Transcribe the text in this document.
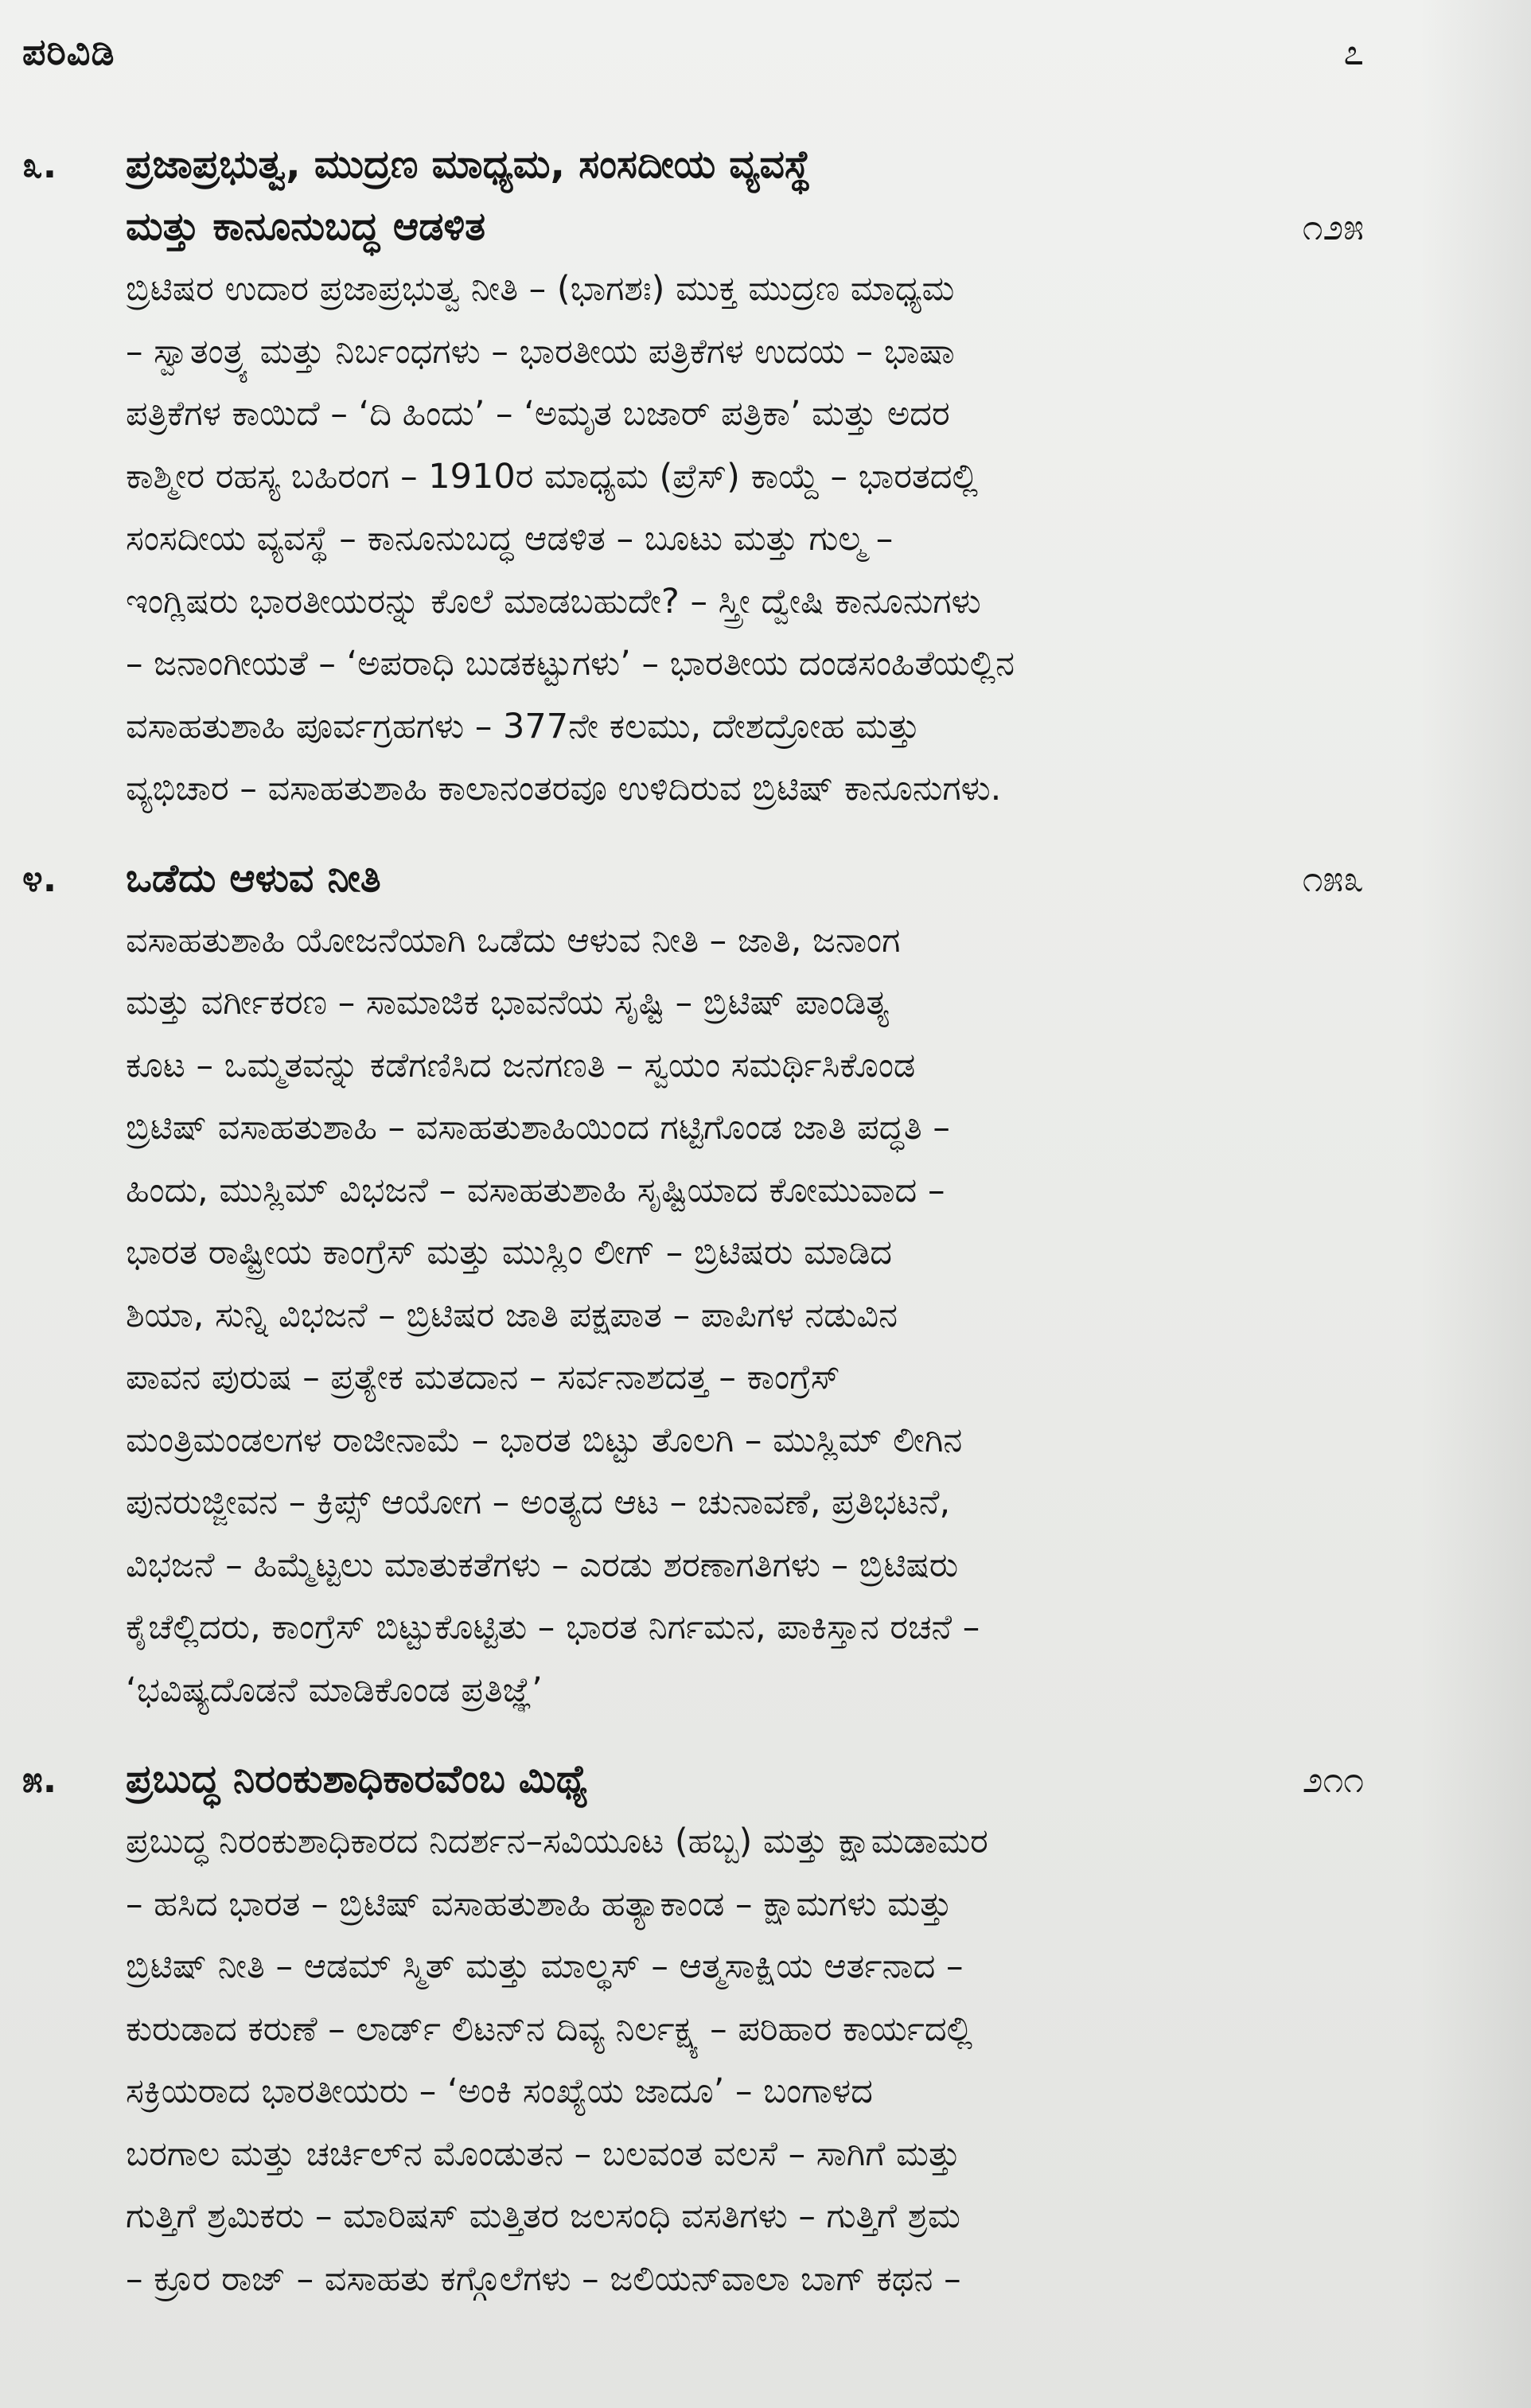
ಪರಿವಿಡಿ	೭
೩.	ಪ್ರಜಾಪ್ರಭುತ್ವ, ಮುದ್ರಣ ಮಾಧ್ಯಮ, ಸಂಸದೀಯ ವ್ಯವಸ್ಥೆ
ಮತ್ತು ಕಾನೂನುಬದ್ಧ ಆಡಳಿತ	೧೨೫
ಬ್ರಿಟಿಷರ ಉದಾರ ಪ್ರಜಾಪ್ರಭುತ್ವ ನೀತಿ – (ಭಾಗಶಃ) ಮುಕ್ತ ಮುದ್ರಣ ಮಾಧ್ಯಮ
– ಸ್ವಾತಂತ್ರ್ಯ ಮತ್ತು ನಿರ್ಬಂಧಗಳು – ಭಾರತೀಯ ಪತ್ರಿಕೆಗಳ ಉದಯ – ಭಾಷಾ
ಪತ್ರಿಕೆಗಳ ಕಾಯಿದೆ – ‘ದಿ ಹಿಂದು’ – ‘ಅಮೃತ ಬಜಾರ್ ಪತ್ರಿಕಾ’ ಮತ್ತು ಅದರ
ಕಾಶ್ಮೀರ ರಹಸ್ಯ ಬಹಿರಂಗ – 1910ರ ಮಾಧ್ಯಮ (ಪ್ರೆಸ್) ಕಾಯ್ದೆ – ಭಾರತದಲ್ಲಿ
ಸಂಸದೀಯ ವ್ಯವಸ್ಥೆ – ಕಾನೂನುಬದ್ಧ ಆಡಳಿತ – ಬೂಟು ಮತ್ತು ಗುಲ್ಮ –
ಇಂಗ್ಲಿಷರು ಭಾರತೀಯರನ್ನು ಕೊಲೆ ಮಾಡಬಹುದೇ? – ಸ್ತ್ರೀ ದ್ವೇಷಿ ಕಾನೂನುಗಳು
– ಜನಾಂಗೀಯತೆ – ‘ಅಪರಾಧಿ ಬುಡಕಟ್ಟುಗಳು’ – ಭಾರತೀಯ ದಂಡಸಂಹಿತೆಯಲ್ಲಿನ
ವಸಾಹತುಶಾಹಿ ಪೂರ್ವಗ್ರಹಗಳು – 377ನೇ ಕಲಮು, ದೇಶದ್ರೋಹ ಮತ್ತು
ವ್ಯಭಿಚಾರ – ವಸಾಹತುಶಾಹಿ ಕಾಲಾನಂತರವೂ ಉಳಿದಿರುವ ಬ್ರಿಟಿಷ್ ಕಾನೂನುಗಳು.
೪.	ಒಡೆದು ಆಳುವ ನೀತಿ	೧೫೩
ವಸಾಹತುಶಾಹಿ ಯೋಜನೆಯಾಗಿ ಒಡೆದು ಆಳುವ ನೀತಿ – ಜಾತಿ, ಜನಾಂಗ
ಮತ್ತು ವರ್ಗೀಕರಣ – ಸಾಮಾಜಿಕ ಭಾವನೆಯ ಸೃಷ್ಟಿ – ಬ್ರಿಟಿಷ್ ಪಾಂಡಿತ್ಯ
ಕೂಟ – ಒಮ್ಮತವನ್ನು ಕಡೆಗಣಿಸಿದ ಜನಗಣತಿ – ಸ್ವಯಂ ಸಮರ್ಥಿಸಿಕೊಂಡ
ಬ್ರಿಟಿಷ್ ವಸಾಹತುಶಾಹಿ – ವಸಾಹತುಶಾಹಿಯಿಂದ ಗಟ್ಟಿಗೊಂಡ ಜಾತಿ ಪದ್ಧತಿ –
ಹಿಂದು, ಮುಸ್ಲಿಮ್ ವಿಭಜನೆ – ವಸಾಹತುಶಾಹಿ ಸೃಷ್ಟಿಯಾದ ಕೋಮುವಾದ –
ಭಾರತ ರಾಷ್ಟ್ರೀಯ ಕಾಂಗ್ರೆಸ್ ಮತ್ತು ಮುಸ್ಲಿಂ ಲೀಗ್ – ಬ್ರಿಟಿಷರು ಮಾಡಿದ
ಶಿಯಾ, ಸುನ್ನಿ ವಿಭಜನೆ – ಬ್ರಿಟಿಷರ ಜಾತಿ ಪಕ್ಷಪಾತ – ಪಾಪಿಗಳ ನಡುವಿನ
ಪಾವನ ಪುರುಷ – ಪ್ರತ್ಯೇಕ ಮತದಾನ – ಸರ್ವನಾಶದತ್ತ – ಕಾಂಗ್ರೆಸ್
ಮಂತ್ರಿಮಂಡಲಗಳ ರಾಜೀನಾಮೆ – ಭಾರತ ಬಿಟ್ಟು ತೊಲಗಿ – ಮುಸ್ಲಿಮ್ ಲೀಗಿನ
ಪುನರುಜ್ಜೀವನ – ಕ್ರಿಪ್ಸ್ ಆಯೋಗ – ಅಂತ್ಯದ ಆಟ – ಚುನಾವಣೆ, ಪ್ರತಿಭಟನೆ,
ವಿಭಜನೆ – ಹಿಮ್ಮೆಟ್ಟಲು ಮಾತುಕತೆಗಳು – ಎರಡು ಶರಣಾಗತಿಗಳು – ಬ್ರಿಟಿಷರು
ಕೈಚೆಲ್ಲಿದರು, ಕಾಂಗ್ರೆಸ್ ಬಿಟ್ಟುಕೊಟ್ಟಿತು – ಭಾರತ ನಿರ್ಗಮನ, ಪಾಕಿಸ್ತಾನ ರಚನೆ –
‘ಭವಿಷ್ಯದೊಡನೆ ಮಾಡಿಕೊಂಡ ಪ್ರತಿಜ್ಞೆ’
೫.	ಪ್ರಬುದ್ಧ ನಿರಂಕುಶಾಧಿಕಾರವೆಂಬ ಮಿಥ್ಯೆ	೨೧೧
ಪ್ರಬುದ್ಧ ನಿರಂಕುಶಾಧಿಕಾರದ ನಿದರ್ಶನ–ಸವಿಯೂಟ (ಹಬ್ಬ) ಮತ್ತು ಕ್ಷಾಮಡಾಮರ
– ಹಸಿದ ಭಾರತ – ಬ್ರಿಟಿಷ್ ವಸಾಹತುಶಾಹಿ ಹತ್ಯಾಕಾಂಡ – ಕ್ಷಾಮಗಳು ಮತ್ತು
ಬ್ರಿಟಿಷ್ ನೀತಿ – ಆಡಮ್ ಸ್ಮಿತ್ ಮತ್ತು ಮಾಲ್ಥಸ್ – ಆತ್ಮಸಾಕ್ಷಿಯ ಆರ್ತನಾದ –
ಕುರುಡಾದ ಕರುಣೆ – ಲಾರ್ಡ್ ಲಿಟನ್‌ನ ದಿವ್ಯ ನಿರ್ಲಕ್ಷ್ಯ – ಪರಿಹಾರ ಕಾರ್ಯದಲ್ಲಿ
ಸಕ್ರಿಯರಾದ ಭಾರತೀಯರು – ‘ಅಂಕಿ ಸಂಖ್ಯೆಯ ಜಾದೂ’ – ಬಂಗಾಳದ
ಬರಗಾಲ ಮತ್ತು ಚರ್ಚಿಲ್‌ನ ಮೊಂಡುತನ – ಬಲವಂತ ವಲಸೆ – ಸಾಗಿಗೆ ಮತ್ತು
ಗುತ್ತಿಗೆ ಶ್ರಮಿಕರು – ಮಾರಿಷಸ್ ಮತ್ತಿತರ ಜಲಸಂಧಿ ವಸತಿಗಳು – ಗುತ್ತಿಗೆ ಶ್ರಮ
– ಕ್ರೂರ ರಾಜ್ – ವಸಾಹತು ಕಗ್ಗೊಲೆಗಳು – ಜಲಿಯನ್‌ವಾಲಾ ಬಾಗ್ ಕಥನ –
